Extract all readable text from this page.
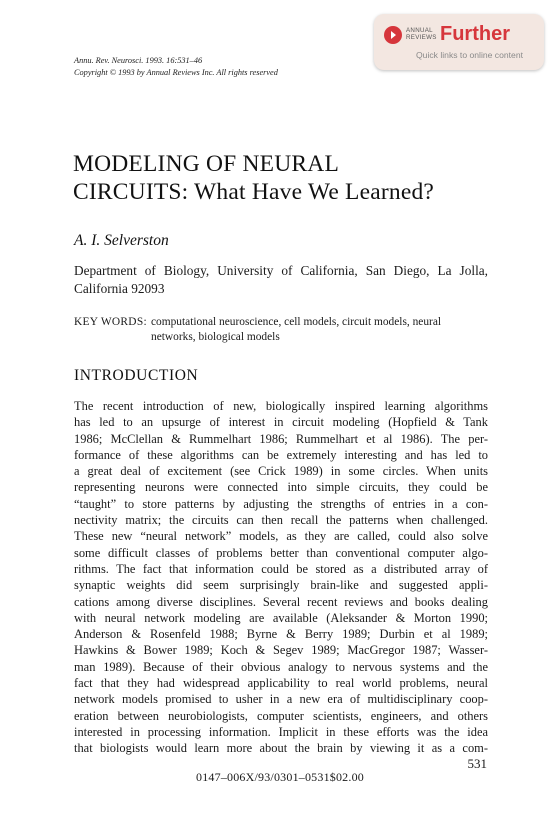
Annu. Rev. Neurosci. 1993. 16:531–46
Copyright © 1993 by Annual Reviews Inc. All rights reserved
ANNUAL
REVIEWS Further
Quick links to online content
MODELING OF NEURAL
CIRCUITS: What Have We Learned?
A. I. Selverston
Department of Biology, University of California, San Diego, La Jolla, California 92093
KEY WORDS: computational neuroscience, cell models, circuit models, neural networks, biological models
INTRODUCTION
The recent introduction of new, biologically inspired learning algorithms
has led to an upsurge of interest in circuit modeling (Hopfield & Tank
1986; McClellan & Rummelhart 1986; Rummelhart et al 1986). The per-
formance of these algorithms can be extremely interesting and has led to
a great deal of excitement (see Crick 1989) in some circles. When units
representing neurons were connected into simple circuits, they could be
“taught” to store patterns by adjusting the strengths of entries in a con-
nectivity matrix; the circuits can then recall the patterns when challenged.
These new “neural network” models, as they are called, could also solve
some difficult classes of problems better than conventional computer algo-
rithms. The fact that information could be stored as a distributed array of
synaptic weights did seem surprisingly brain-like and suggested appli-
cations among diverse disciplines. Several recent reviews and books dealing
with neural network modeling are available (Aleksander & Morton 1990;
Anderson & Rosenfeld 1988; Byrne & Berry 1989; Durbin et al 1989;
Hawkins & Bower 1989; Koch & Segev 1989; MacGregor 1987; Wasser-
man 1989). Because of their obvious analogy to nervous systems and the
fact that they had widespread applicability to real world problems, neural
network models promised to usher in a new era of multidisciplinary coop-
eration between neurobiologists, computer scientists, engineers, and others
interested in processing information. Implicit in these efforts was the idea
that biologists would learn more about the brain by viewing it as a com-
531
0147–006X/93/0301–0531$02.00
